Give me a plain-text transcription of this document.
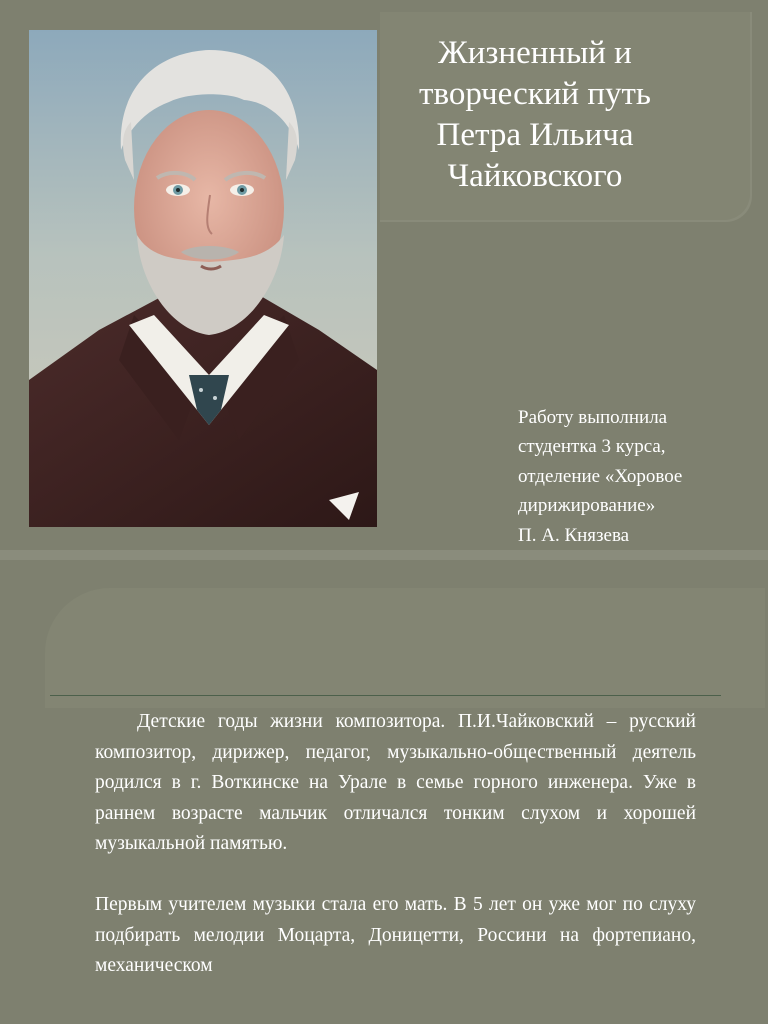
Жизненный и творческий путь Петра Ильича Чайковского
Работу выполнила
студентка 3 курса,
отделение «Хоровое дирижирование»
П. А. Князева

Детские годы жизни композитора. П.И.Чайковский – русский композитор, дирижер, педагог, музыкально-общественный деятель родился в г. Воткинске на Урале в семье горного инженера. Уже в раннем возрасте мальчик отличался тонким слухом и хорошей музыкальной памятью.

Первым учителем музыки стала его мать. В 5 лет он уже мог по слуху подбирать мелодии Моцарта, Доницетти, Россини на фортепиано, механическом
